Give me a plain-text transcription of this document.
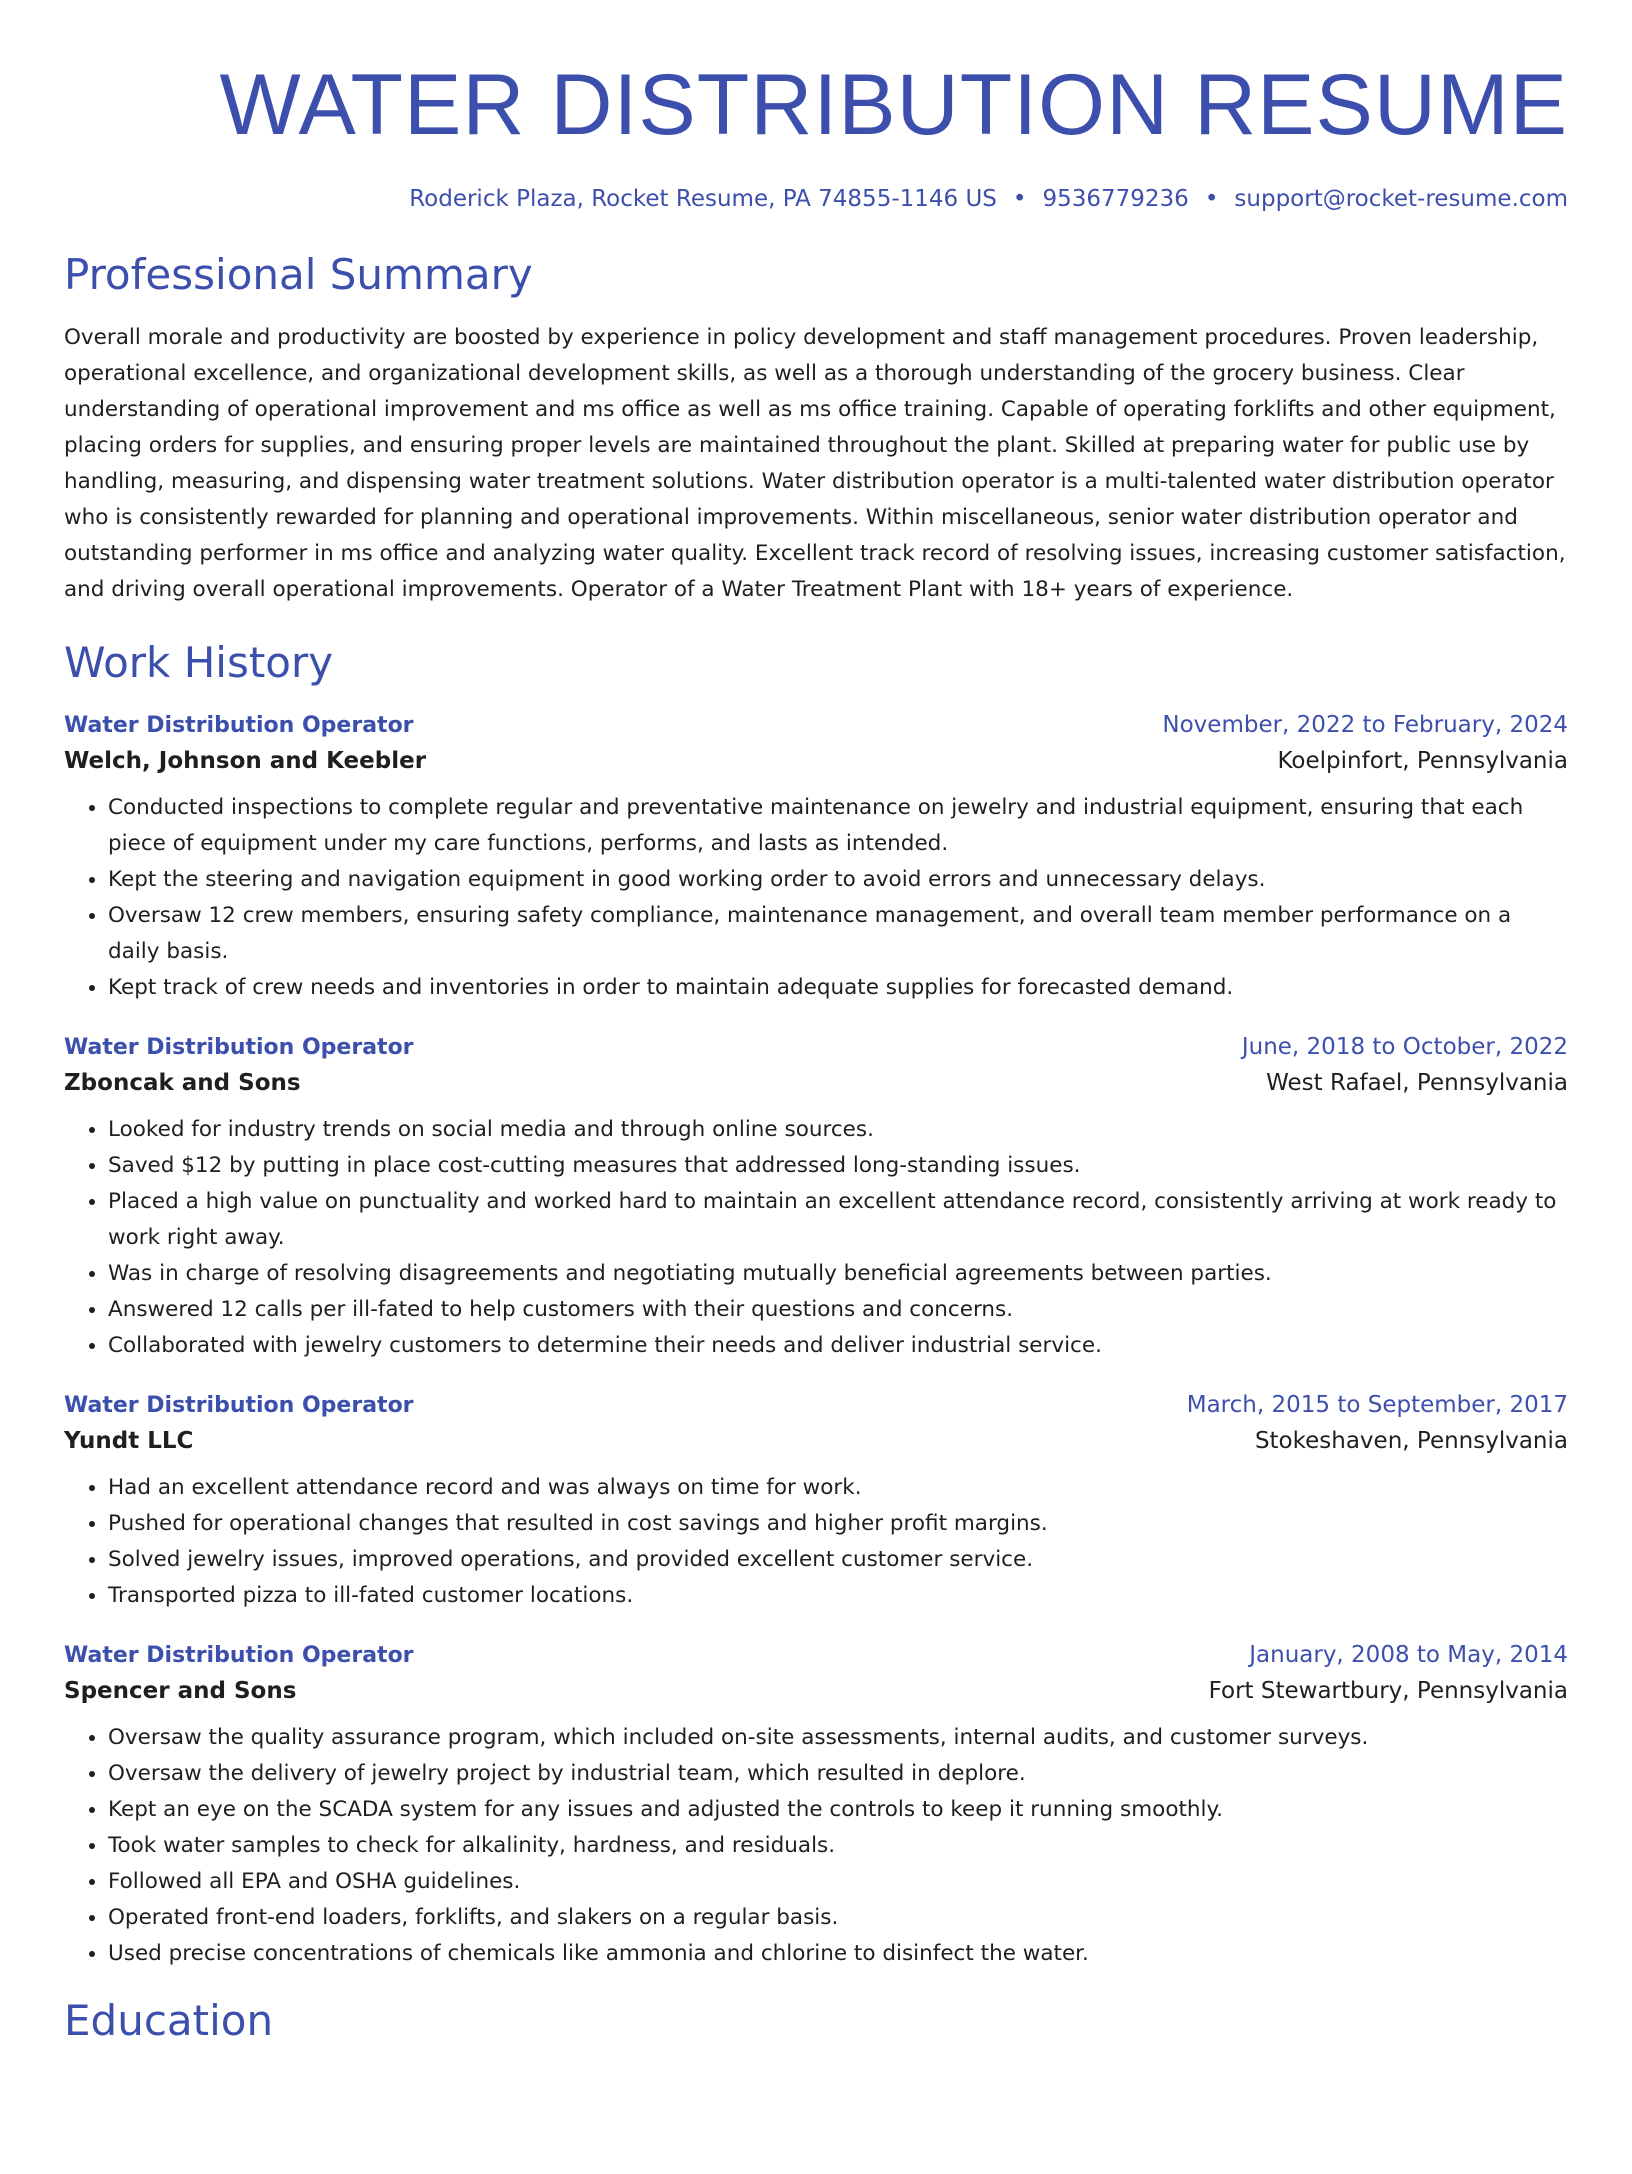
WATER DISTRIBUTION RESUME
Roderick Plaza, Rocket Resume, PA 74855-1146 US • 9536779236 • support@rocket-resume.com
Professional Summary

Overall morale and productivity are boosted by experience in policy development and staff management procedures. Proven leadership, operational excellence, and organizational development skills, as well as a thorough understanding of the grocery business. Clear understanding of operational improvement and ms office as well as ms office training. Capable of operating forklifts and other equipment, placing orders for supplies, and ensuring proper levels are maintained throughout the plant. Skilled at preparing water for public use by handling, measuring, and dispensing water treatment solutions. Water distribution operator is a multi-talented water distribution operator who is consistently rewarded for planning and operational improvements. Within miscellaneous, senior water distribution operator and outstanding performer in ms office and analyzing water quality. Excellent track record of resolving issues, increasing customer satisfaction, and driving overall operational improvements. Operator of a Water Treatment Plant with 18+ years of experience.

Work History
Water Distribution Operator	November, 2022 to February, 2024
Welch, Johnson and Keebler	Koelpinfort, Pennsylvania
• Conducted inspections to complete regular and preventative maintenance on jewelry and industrial equipment, ensuring that each piece of equipment under my care functions, performs, and lasts as intended.
• Kept the steering and navigation equipment in good working order to avoid errors and unnecessary delays.
• Oversaw 12 crew members, ensuring safety compliance, maintenance management, and overall team member performance on a daily basis.
• Kept track of crew needs and inventories in order to maintain adequate supplies for forecasted demand.
Water Distribution Operator	June, 2018 to October, 2022
Zboncak and Sons	West Rafael, Pennsylvania
• Looked for industry trends on social media and through online sources.
• Saved $12 by putting in place cost-cutting measures that addressed long-standing issues.
• Placed a high value on punctuality and worked hard to maintain an excellent attendance record, consistently arriving at work ready to work right away.
• Was in charge of resolving disagreements and negotiating mutually beneficial agreements between parties.
• Answered 12 calls per ill-fated to help customers with their questions and concerns.
• Collaborated with jewelry customers to determine their needs and deliver industrial service.
Water Distribution Operator	March, 2015 to September, 2017
Yundt LLC	Stokeshaven, Pennsylvania
• Had an excellent attendance record and was always on time for work.
• Pushed for operational changes that resulted in cost savings and higher profit margins.
• Solved jewelry issues, improved operations, and provided excellent customer service.
• Transported pizza to ill-fated customer locations.
Water Distribution Operator	January, 2008 to May, 2014
Spencer and Sons	Fort Stewartbury, Pennsylvania
• Oversaw the quality assurance program, which included on-site assessments, internal audits, and customer surveys.
• Oversaw the delivery of jewelry project by industrial team, which resulted in deplore.
• Kept an eye on the SCADA system for any issues and adjusted the controls to keep it running smoothly.
• Took water samples to check for alkalinity, hardness, and residuals.
• Followed all EPA and OSHA guidelines.
• Operated front-end loaders, forklifts, and slakers on a regular basis.
• Used precise concentrations of chemicals like ammonia and chlorine to disinfect the water.
Education
